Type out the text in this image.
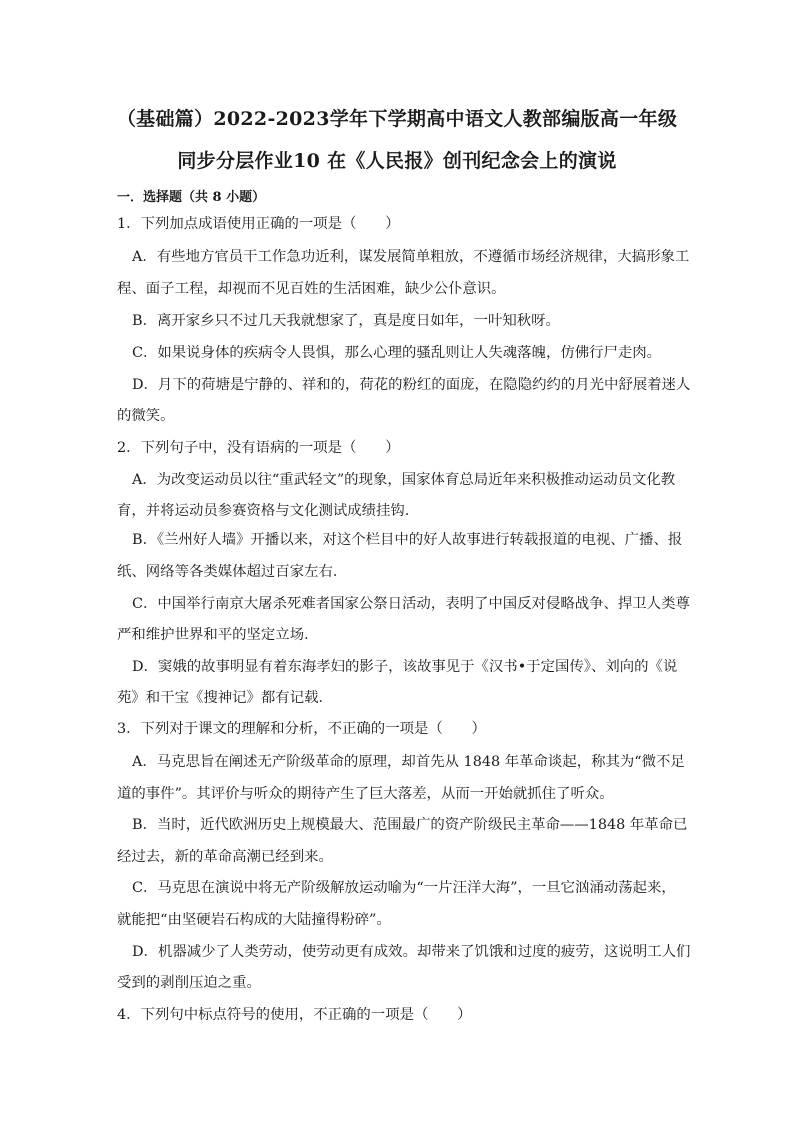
（基础篇）2022-2023学年下学期高中语文人教部编版高一年级
同步分层作业10 在《人民报》创刊纪念会上的演说
一．选择题（共 8 小题）
1．下列加点成语使用正确的一项是（　　）
A．有些地方官员干工作急功近利，谋发展简单粗放，不遵循市场经济规律，大搞形象工
程、面子工程，却视而不见百姓的生活困难，缺少公仆意识。
B．离开家乡只不过几天我就想家了，真是度日如年，一叶知秋呀。
C．如果说身体的疾病令人畏惧，那么心理的骚乱则让人失魂落魄，仿佛行尸走肉。
D．月下的荷塘是宁静的、祥和的，荷花的粉红的面庞，在隐隐约约的月光中舒展着迷人
的微笑。
2．下列句子中，没有语病的一项是（　　）
A．为改变运动员以往“重武轻文”的现象，国家体育总局近年来积极推动运动员文化教
育，并将运动员参赛资格与文化测试成绩挂钩．
B．《兰州好人墙》开播以来，对这个栏目中的好人故事进行转载报道的电视、广播、报
纸、网络等各类媒体超过百家左右．
C．中国举行南京大屠杀死难者国家公祭日活动，表明了中国反对侵略战争、捍卫人类尊
严和维护世界和平的坚定立场．
D．窦娥的故事明显有着东海孝妇的影子，该故事见于《汉书•于定国传》、刘向的《说
苑》和干宝《搜神记》都有记载．
3．下列对于课文的理解和分析，不正确的一项是（　　）
A．马克思旨在阐述无产阶级革命的原理，却首先从 1848 年革命谈起，称其为“微不足
道的事件”。其评价与听众的期待产生了巨大落差，从而一开始就抓住了听众。
B．当时，近代欧洲历史上规模最大、范围最广的资产阶级民主革命——1848 年革命已
经过去，新的革命高潮已经到来。
C．马克思在演说中将无产阶级解放运动喻为“一片汪洋大海”，一旦它汹涌动荡起来，
就能把“由坚硬岩石构成的大陆撞得粉碎”。
D．机器减少了人类劳动，使劳动更有成效。却带来了饥饿和过度的疲劳，这说明工人们
受到的剥削压迫之重。
4．下列句中标点符号的使用，不正确的一项是（　　）
